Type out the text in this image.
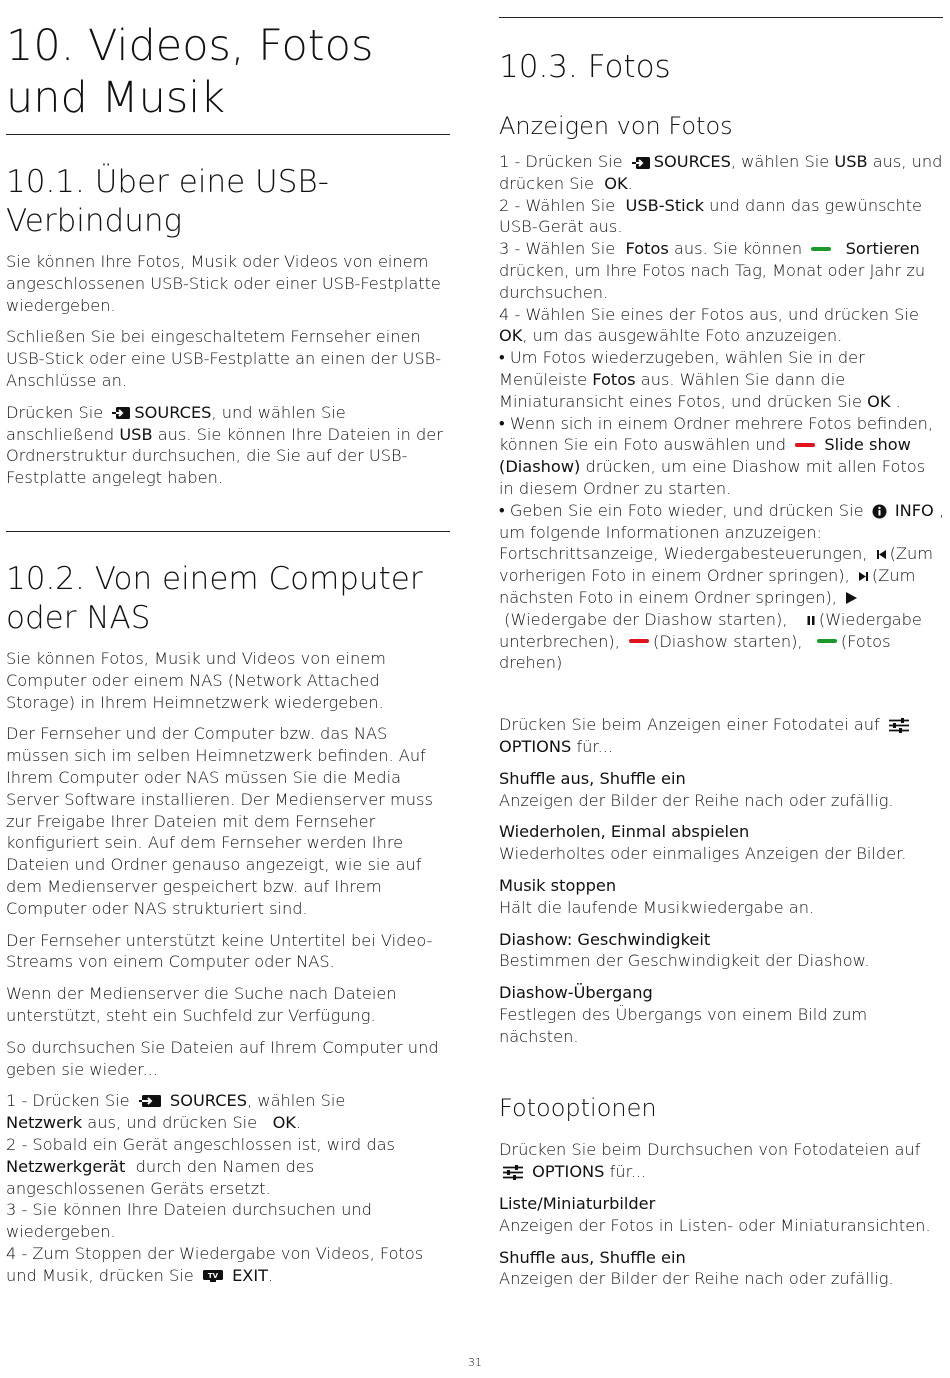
10. Videos, Fotos und Musik
10.1. Über eine USB-Verbindung

Sie können Ihre Fotos, Musik oder Videos von einem angeschlossenen USB-Stick oder einer USB-Festplatte wiedergeben.

Schließen Sie bei eingeschaltetem Fernseher einen USB-Stick oder eine USB-Festplatte an einen der USB-Anschlüsse an.

Drücken Sie SOURCES, und wählen Sie anschließend USB aus. Sie können Ihre Dateien in der Ordnerstruktur durchsuchen, die Sie auf der USB-Festplatte angelegt haben.

10.2. Von einem Computer oder NAS

Sie können Fotos, Musik und Videos von einem Computer oder einem NAS (Network Attached Storage) in Ihrem Heimnetzwerk wiedergeben.

Der Fernseher und der Computer bzw. das NAS müssen sich im selben Heimnetzwerk befinden. Auf Ihrem Computer oder NAS müssen Sie die Media Server Software installieren. Der Medienserver muss zur Freigabe Ihrer Dateien mit dem Fernseher konfiguriert sein. Auf dem Fernseher werden Ihre Dateien und Ordner genauso angezeigt, wie sie auf dem Medienserver gespeichert bzw. auf Ihrem Computer oder NAS strukturiert sind.

Der Fernseher unterstützt keine Untertitel bei Video-Streams von einem Computer oder NAS.

Wenn der Medienserver die Suche nach Dateien unterstützt, steht ein Suchfeld zur Verfügung.

So durchsuchen Sie Dateien auf Ihrem Computer und geben sie wieder...

1 - Drücken Sie SOURCES, wählen Sie
Netzwerk aus, und drücken Sie OK.
2 - Sobald ein Gerät angeschlossen ist, wird das Netzwerkgerät durch den Namen des angeschlossenen Geräts ersetzt.
3 - Sie können Ihre Dateien durchsuchen und wiedergeben.
4 - Zum Stoppen der Wiedergabe von Videos, Fotos und Musik, drücken Sie TV EXIT.

10.3. Fotos
Anzeigen von Fotos

1 - Drücken Sie SOURCES, wählen Sie USB aus, und drücken Sie OK.
2 - Wählen Sie USB-Stick und dann das gewünschte USB-Gerät aus.
3 - Wählen Sie Fotos aus. Sie können	Sortieren drücken, um Ihre Fotos nach Tag, Monat oder Jahr zu durchsuchen.
4 - Wählen Sie eines der Fotos aus, und drücken Sie  OK, um das ausgewählte Foto anzuzeigen.
• Um Fotos wiederzugeben, wählen Sie in der Menüleiste Fotos aus. Wählen Sie dann die Miniaturansicht eines Fotos, und drücken Sie OK .
• Wenn sich in einem Ordner mehrere Fotos befinden, können Sie ein Foto auswählen und Slide show (Diashow) drücken, um eine Diashow mit allen Fotos in diesem Ordner zu starten.
• Geben Sie ein Foto wieder, und drücken Sie INFO , um folgende Informationen anzuzeigen: Fortschrittsanzeige, Wiedergabesteuerungen, (Zum vorherigen Foto in einem Ordner springen), (Zum nächsten Foto in einem Ordner springen),
(Wiedergabe der Diashow starten), (Wiedergabe unterbrechen), (Diashow starten), (Fotos drehen)

Drücken Sie beim Anzeigen einer Fotodatei auf  OPTIONS für...

Shuffle aus, Shuffle ein

Anzeigen der Bilder der Reihe nach oder zufällig.

Wiederholen, Einmal abspielen

Wiederholtes oder einmaliges Anzeigen der Bilder.

Musik stoppen

Hält die laufende Musikwiedergabe an.

Diashow: Geschwindigkeit

Bestimmen der Geschwindigkeit der Diashow.

Diashow-Übergang

Festlegen des Übergangs von einem Bild zum nächsten.

Fotooptionen

Drücken Sie beim Durchsuchen von Fotodateien auf  OPTIONS für...

Liste/Miniaturbilder

Anzeigen der Fotos in Listen- oder Miniaturansichten.

Shuffle aus, Shuffle ein

Anzeigen der Bilder der Reihe nach oder zufällig.

31
